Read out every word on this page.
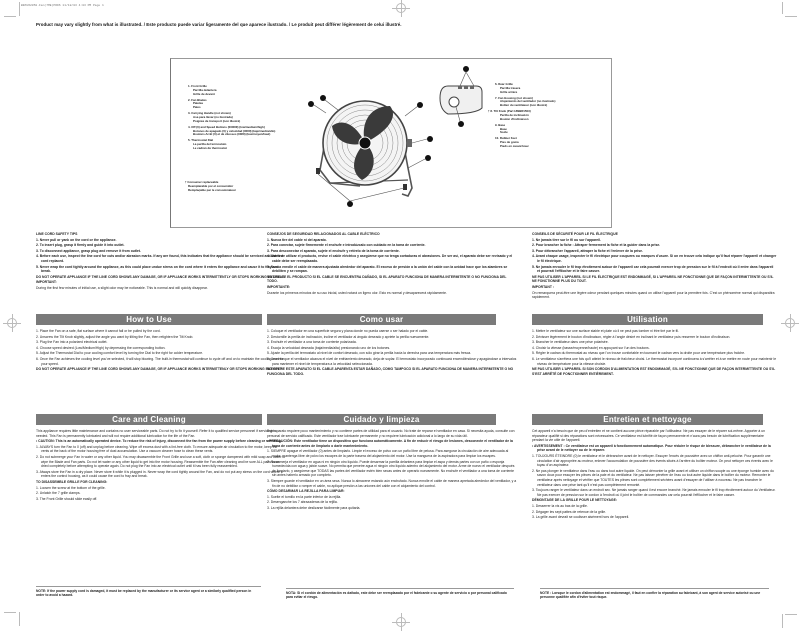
BRAVO2050.Fan(7ME)PRDS 11/18/03 4:03 PM Page 1
Product may vary slightly from what is illustrated. / Este producto puede variar ligeramente del que aparece ilustrado. / Le produit peut différer légèrement de celui illustré.
1. Front Grille
Parrilla delantera
Grille de devant
2. Fan Blades
Paletas
Pales
3. Carrying Handle (not shown)
Asa para llevar (no ilustrada)
Poignée de transport (non illustré)
4. Off (0) and Speed Buttons (0/I/II/III) (low/medium/high)
Botones de apagado (0) y velocidad (I/II/III) (bajo/medio/alto)
Boutons Arrêt (0) et de vitesses (I/II/III) (bas/moyen/haut)
5. Thermostat Dial
La perilla del termostato
Le cadran du thermostat
† Consumer replaceable
Reemplazable por el consumidor
Remplaçable par le consommateur
6. Rear Grille
Parrilla trasera
Grille arrière
7. Fan Housing (not shown)
Alojamiento del ventilador (no ilustrado)
Boîtier du ventilateur (non illustré)
† 8. Tilt Knob (Part HWBR1503)
Perilla de inclinación
Bouton d'inclinaison
9. Base
Base
Socle
10. Rubber Feet
Pies de goma
Pieds en caoutchouc

LINE CORD SAFETY TIPS

1. Never pull or yank on the cord or the appliance.
2. To insert plug, grasp it firmly and guide it into outlet.
3. To disconnect appliance, grasp plug and remove it from outlet.
4. Before each use, inspect the line cord for cuts and/or abrasion marks. If any are found, this indicates that the appliance should be serviced and the line cord replaced.
5. Never wrap the cord tightly around the appliance, as this could place undue stress on the cord where it enters the appliance and cause it to fray and break.

DO NOT OPERATE APPLIANCE IF THE LINE CORD SHOWS ANY DAMAGE, OR IF APPLIANCE WORKS INTERMITTENTLY OR STOPS WORKING ENTIRELY.

IMPORTANT:

During the first few minutes of initial use, a slight odor may be noticeable. This is normal and will quickly disappear.

CONSEJOS DE SEGURIDAD RELACIONADOS AL CABLE ELÉCTRICO

1. Nunca tire del cable ni del aparato.
2. Para conectar, sujete firmemente el enchufe e introdúzcalo con cuidado en la toma de corriente.
3. Para desconectar el aparato, sujete el enchufe y retírelo de la toma de corriente.
4. Antes de utilizar el producto, revise el cable eléctrico y asegúrese que no tenga cortaduras ni abrasiones. De ser así, el aparato debe ser revisado y el cable debe ser reemplazado.
5. Nunca enrolle el cable de manera ajustada alrededor del aparato. El exceso de presión a la unión del cable con la unidad hace que los alambres se debiliten y se rompan.

NO UTILICE EL PRODUCTO SI EL CABLE SE ENCUENTRA DAÑADO, SI EL APARATO FUNCIONA DE MANERA INTERMITENTE O NO FUNCIONA DEL TODO.

IMPORTANTE:

Durante los primeros minutos de su uso inicial, usted notará un ligero olor. Esto es normal y desaparecerá rápidamente.

CONSEILS DE SÉCURITÉ POUR LE FIL ÉLECTRIQUE

1. Ne jamais tirer sur le fil ou sur l'appareil.
2. Pour brancher la fiche : Attraper fermement la fiche et la guider dans la prise.
3. Pour débrancher l'appareil, attraper la fiche et l'enlever de la prise.
4. Avant chaque usage, inspecter le fil électrique pour coupures ou marques d'usure. Si on en trouve cela indique qu'il faut réparer l'appareil et changer le fil électrique.
5. Ne jamais enrouler le fil trop étroitement autour de l'appareil car cela pourrait exercer trop de pression sur le fil à l'endroit où il entre dans l'appareil et pourrait l'effilocher et le faire casser.

NE PAS UTILISER L'APPAREIL SI LE FIL ÉLECTRIQUE EST ENDOMMAGÉ, SI L'APPAREIL NE FONCTIONNE QUE DE FAÇON INTERMITTENTE OU S'IL NE FONCTIONNE PLUS DU TOUT.

IMPORTANT :

On remarquera peut-être une légère odeur pendant quelques minutes quand on utilise l'appareil pour la première fois. C'est un phénomène normal qui disparaîtra rapidement.

How to Use	Como usar	Utilisation
1. Place the Fan on a safe, flat surface where it cannot fall or be pulled by the cord.
2. Unscrew the Tilt Knob slightly, adjust the angle you want by tilting the Fan, then retighten the Tilt Knob.
3. Plug the Fan into a polarized electrical outlet.
4. Choose speed desired (Low/Medium/High) by depressing the corresponding button.
5. Adjust the Thermostat Dial to your cooling comfort level by turning the Dial to the right for colder temperature.
6. Once the Fan achieves the cooling level you've selected, it will stop blowing. The built-in thermostat will continue to cycle off and on to maintain the cooling level for your speed.

DO NOT OPERATE APPLIANCE IF THE LINE CORD SHOWS ANY DAMAGE, OR IF APPLIANCE WORKS INTERMITTENLY OR STOPS WORKING ENTIRELY.

1. Coloque el ventilador en una superficie segura y plana donde no pueda caerse o ser halado por el cable.
2. Destornille la perilla de inclinación, incline el ventilador al ángulo deseado y apriete la perilla nuevamente.
3. Enchufe el ventilador a una toma de corriente polarizada.
4. Escoja la velocidad deseada (baja/media/alta) presionando uno de los botones.
5. Ajuste la perilla del termostato al nivel de confort deseado, con sólo girar la perilla hacia la derecha para una temperatura más fresca.
6. Una vez que el ventilador alcanza el nivel de enfriamiento deseado, deja de soplar. El termostato incorporado continuará encendiéndose y apagándose a intervalos para mantener el nivel de temperatura a la velocidad seleccionada.

NO OPERE ESTE APARATO SI EL CABLE APARENTA ESTAR DAÑADO, COMO TAMPOCO SI EL APARATO FUNCIONA DE MANERA INTERMITENTE O NO FUNCIONA DEL TODO.

1. Mettre le ventilateur sur une surface stable et plate où il ne peut pas tomber ni être tiré par le fil.
2. Dévisser légèrement le bouton d'inclinaison, régler à l'angle désiré en inclinant le ventilateur puis resserrer le bouton d'inclinaison.
3. Brancher le ventilateur dans une prise polarisée.
4. Choisir la vitesse (basse/moyenne/haute) en appuyant sur l'un des boutons.
5. Régler le cadran du thermostat au niveau que l'on trouve confortable en tournant le cadran vers la droite pour une température plus fraîche.
6. Le ventilateur s'arrêtera une fois qu'il atteint le niveau de fraîcheur choisi. Le thermostat incorporé continuera à s'arrêter et à se mettre en route pour maintenir le niveau de température pour la vitesse choisie.

NE PAS UTILISER L'APPAREIL SI SON CORDON D'ALIMENTATION EST ENDOMMAGÉ, S'IL NE FONCTIONNE QUE DE FAÇON INTERMITTENTE OU S'IL S'EST ARRÊTÉ DE FONCTIONNER ENTIÈREMENT.

Care and Cleaning	Cuidado y limpieza	Entretien et nettoyage

This appliance requires little maintenance and contains no user serviceable parts. Do not try to fix it yourself. Refer it to qualified service personnel if servicing is needed. This Fan is permanently lubricated and will not require additional lubrication for the life of the Fan.

• CAUTION: This is an automatically operated device. To reduce the risk of injury, disconnect the fan from the power supply before cleaning or servicing.
1. ALWAYS turn the Fan to 0 (off) and unplug before cleaning. Wipe off excess dust with a lint-free cloth. To ensure adequate air circulation to the motor, keep the vents at the back of the motor housing free of dust accumulation. Use a vacuum cleaner hose to clean these vents.
2. Do not submerge your Fan in water or any other liquid. You may disassemble the Front Grille and use a soft, cloth or sponge dampened with mild soap and water to wipe the Blade and Fan parts. Do not let water or any other liquid to get into the motor housing. Reassemble the Fan after cleaning and be sure ALL parts have dried completely before attempting to operate again. Do not plug the Fan into an electrical outlet until it has been fully reassembled.
3. Always store the Fan in a dry place. Never store it while it is plugged in. Never wrap the cord tightly around the Fan, and do not put any stress on the cord where it enters the control housing, as it could cause the cord to fray and break.

TO DISASSEMBLE GRILLE FOR CLEANING:

1. Loosen the screw at the bottom of the grille.
2. Unlatch the 7 grille clamps.
3. The Front Grille should slide easily off.

Este aparato requiere poco mantenimiento y no contiene partes de utilidad para el usuario. No trate de reparar el ventilador en casa. Si necesita ayuda, consulte con personal de servicio calificado. Este ventilador trae lubricante permanente y no requiere lubricación adicional a lo largo de su vida útil.

• PRECAUCIÓN: Este ventilador tiene un dispositivo que funciona automáticamente. A fin de reducir el riesgo de lesiones, desconecte el ventilador de la toma de corriente antes de limpiarlo o darle mantenimiento.
1. SIEMPRE apague el ventilador (0) antes de limpiarlo. Limpie el exceso de polvo con un paño libre de pelusa. Para asegurar la circulación de aire adecuada al motor, mantenga libre de polvo los escapes de la parte trasera del alojamiento del motor. Use la manguera de la aspiradora para limpiar los escapes.
2. No sumerja el ventilador en agua ni en ningún otro líquido. Puede desarmar la parrilla delantera para limpiar el aspa y demás partes con un paño o esponja humedecida con agua y jabón suave. No permita que penetre agua ni ningún otro líquido adentro del alojamiento del motor. Arme de nuevo el ventilador después de limpiarlo, y asegúrese que TODAS las partes del ventilador estén bien secas antes de operarlo nuevamente. No enchufe el ventilador a una toma de corriente sin antes haberlo armado por completo.
3. Siempre guarde el ventilador en un área seca. Nunca lo almacene estando aún enchufado. Nunca enrolle el cable de manera apretada alrededor del ventilador, y a fin de no debilitar o romper el cable, no aplique presión a las uniones del cable con el alojamiento del control.

CÓMO DESARMAR LA REJILLA PARA LIMPIAR:

1. Suelte el tornillo en la parte inferior de la rejilla.
2. Desenganche los 7 abrazaderas de la rejilla.
3. La rejilla delantera debe deslizarse fácilmente para quitarla.

Cet appareil n'a besoin que de peu d'entretien et ne contient aucune pièce réparable par l'utilisateur. Ne pas essayer de le réparer soi-même. Apporter à un réparateur qualifié si des réparations sont nécessaires. Ce ventilateur est lubrifié de façon permanente et n'aura pas besoin de lubrification supplémentaire pendant la vie utile de l'appareil.

• AVERTISSEMENT : Ce ventilateur est un appareil à fonctionnement automatique. Pour réduire le risque de blessure, débrancher le ventilateur de la prise avant de le nettoyer ou de le réparer.
1. TOUJOURS ÉTEINDRE (0) le ventilateur et le débrancher avant de le nettoyer. Essuyer l'excès de poussière avec un chiffon anti-peluche. Pour garantir une circulation d'air appropriée au moteur, enlever l'accumulation de poussière des évents situés à l'arrière du boîtier moteur. On peut nettoyer ces évents avec le tuyau d'un aspirateur.
2. Ne pas plonger le ventilateur dans l'eau ou dans tout autre liquide. On peut démonter la grille avant et utiliser un chiffon souple ou une éponge humide avec du savon doux pour essuyer les pièces de la pale et du ventilateur. Ne pas laisser pénétrer de l'eau ou tout autre liquide dans le boîtier du moteur. Remonter le ventilateur après nettoyage et vérifier que TOUTES les pièces sont complètement séchées avant d'essayer de l'utiliser à nouveau. Ne pas brancher le ventilateur dans une prise tant qu'il n'est pas complètement remonté.
3. Toujours ranger le ventilateur dans un endroit sec. Ne jamais ranger quand il est encore branché. Ne jamais enrouler le fil trop étroitement autour du Ventilateur. Ne pas exercer de pression sur le cordon à l'endroit où il joint le boîtier de commandes car cela pourrait l'effilocher et le faire casser.

DÉMONTAGE DE LA GRILLE POUR LE NETTOYAGE:

1. Desserrer la vis au bas de la grille.
2. Dégager les sept pattes de retenue de la grille.
3. La grille avant devrait se coulisser aisément hors de l'appareil.
NOTE: If the power supply cord is damaged, it must be replaced by the manufacturer or its service agent or a similarly qualified person in order to avoid a hazard.
NOTA: Si el cordón de alimentación es dañado, este debe ser reemplazado por el fabricante o su agente de servicio o por personal calificado para evitar el riesgo.
NOTE : Lorsque le cordon d'alimentation est endommagé, il faut en confier la réparation au fabricant, à son agent de service autorisé ou une personne qualifiée afin d'éviter tout risque.
